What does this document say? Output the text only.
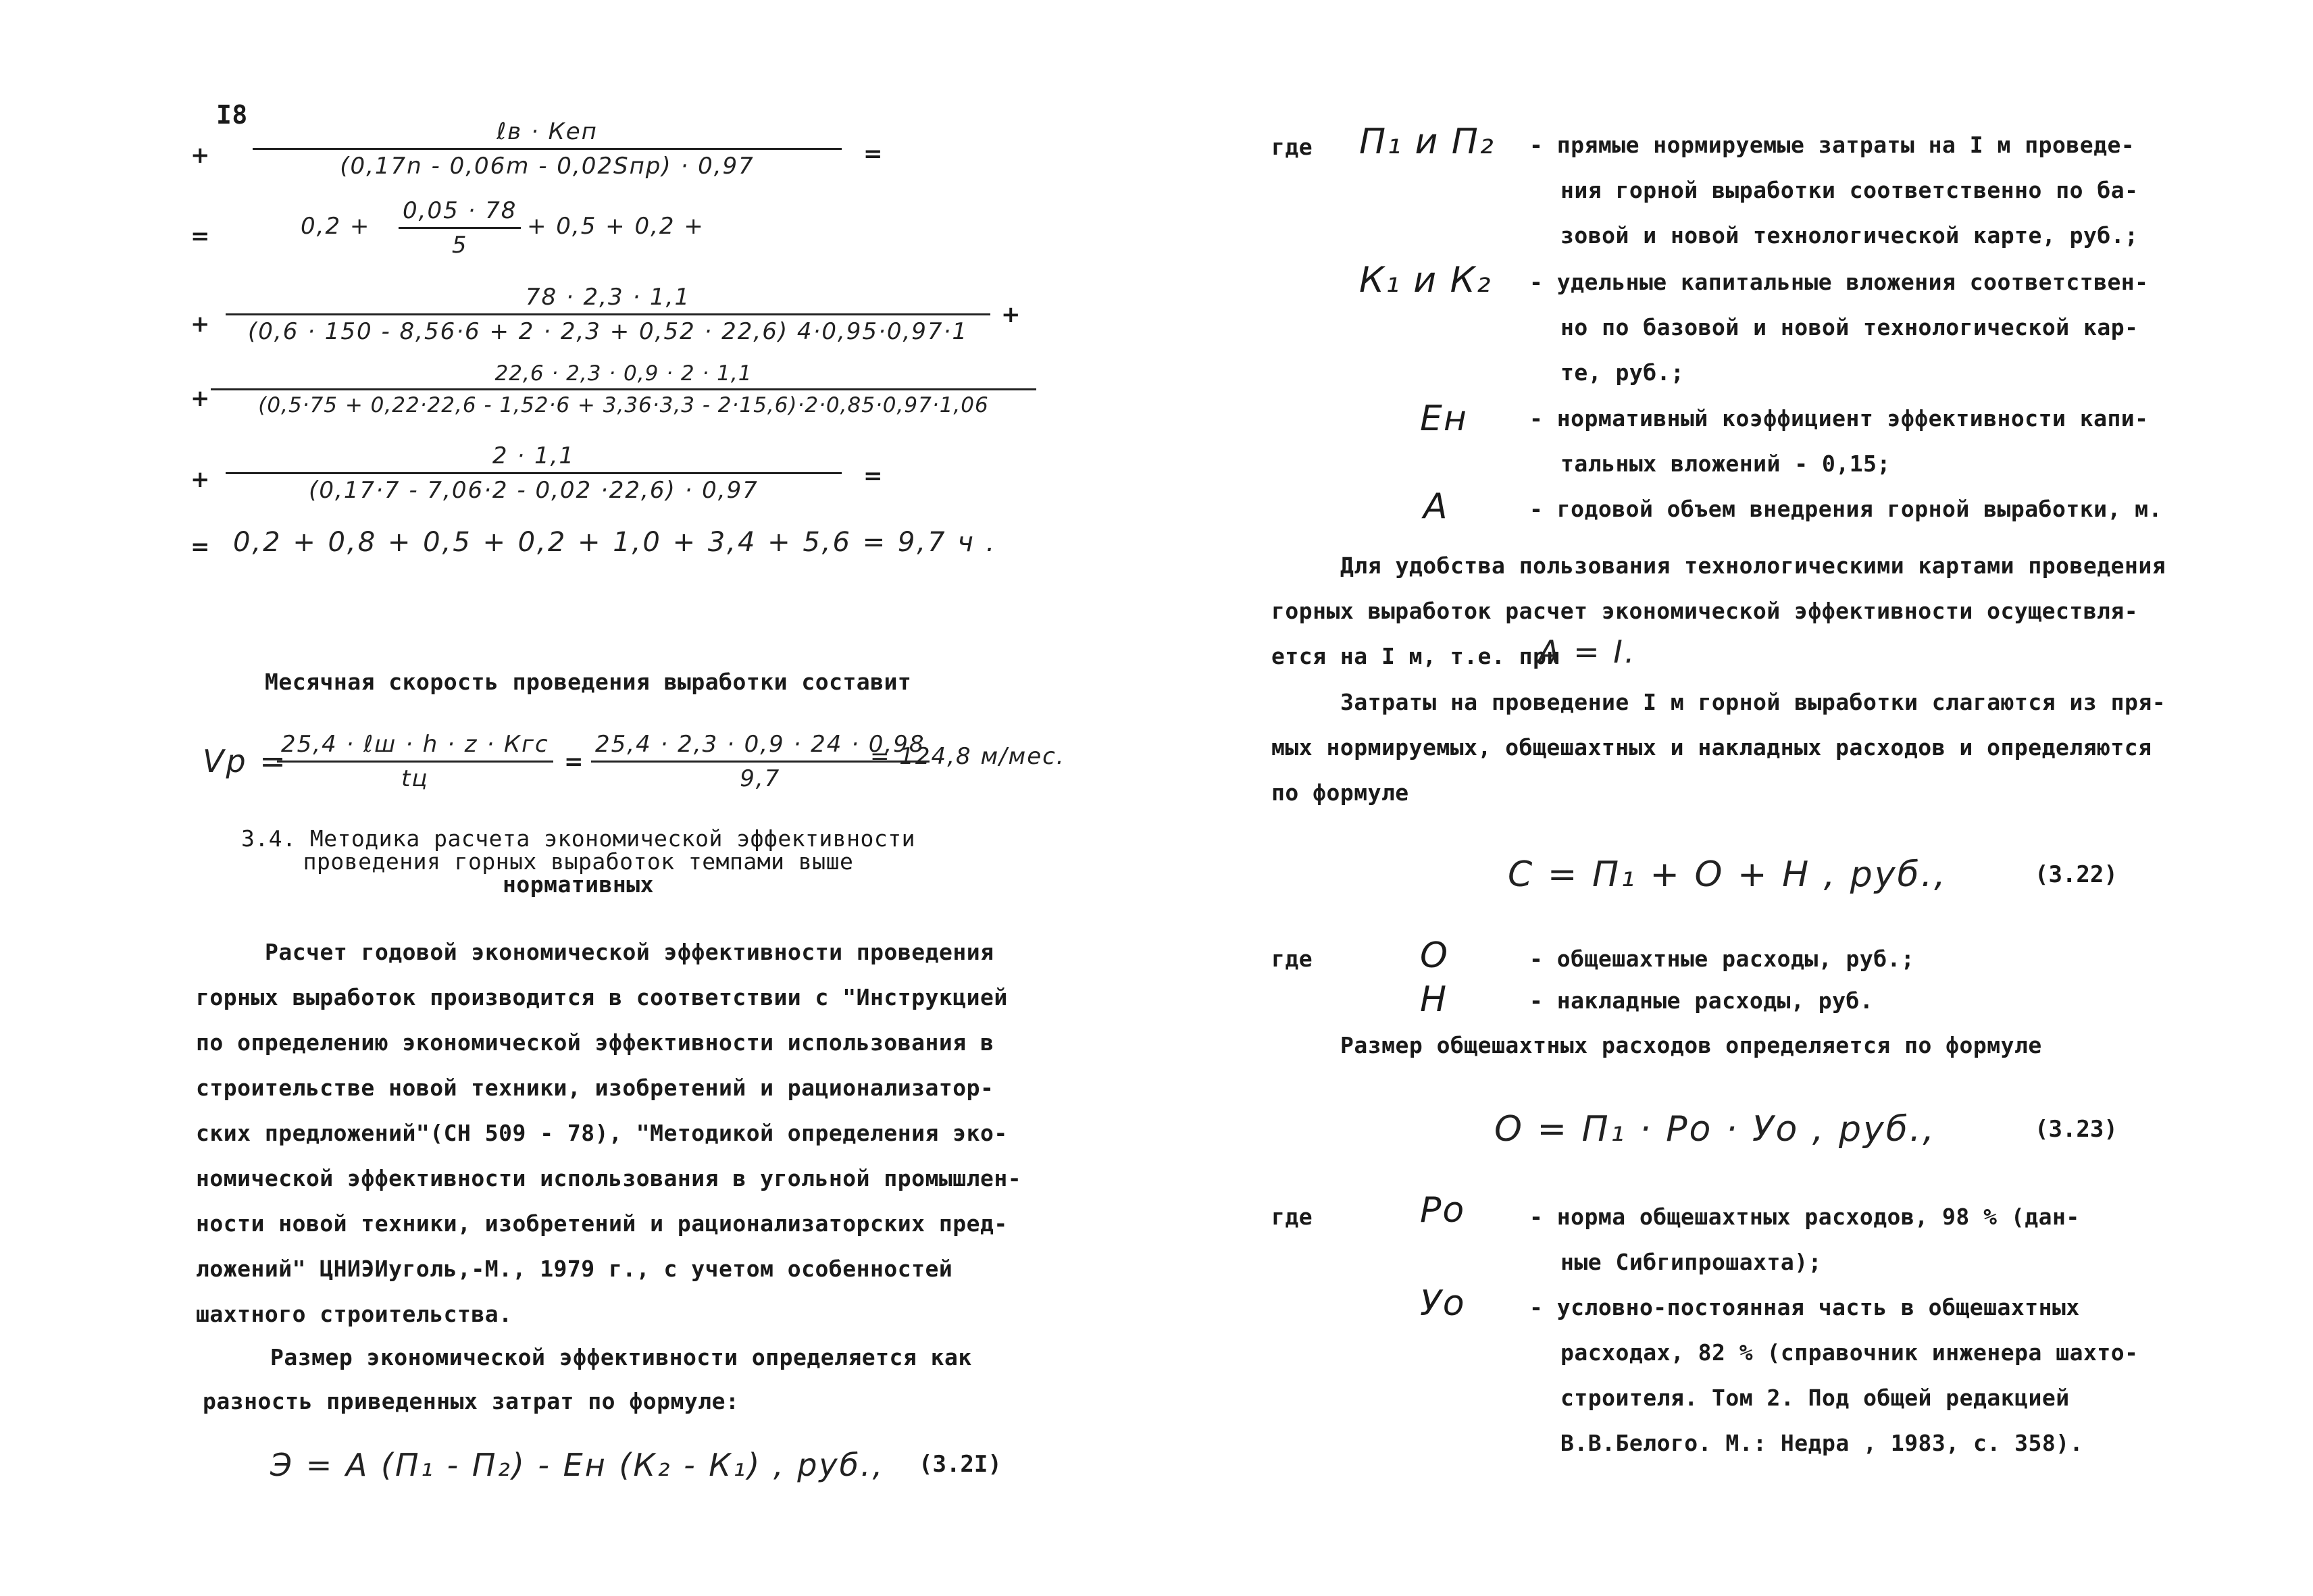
I8
+
ℓв · Кеп
(0,17n - 0,06m - 0,02Sпр) · 0,97	=
=	$0,2 + \frac{0,05 \cdot 78}{5} + 0,5 + 0,2$ +
+ $\frac{78 \cdot 2,3 \cdot 1,1}{(0,6 \cdot 150 - 8,56\cdot 6 + 2 \cdot 2,3 + 0,52 \cdot 22,6) 4\cdot 0,95\cdot 0,97\cdot 1}$ +
+
22,6 · 2,3 · 0,9 · 2 · 1,1
(0,5·75 + 0,22·22,6 - 1,52·6 + 3,36·3,3 - 2·15,6)·2·0,85·0,97·1,06
+ $\frac{2 \cdot 1,1}{(0,17\cdot 7 - 7,06\cdot 2 - 0,02 \cdot 22,6) \cdot 0,97}$ =
= 0,2 + 0,8 + 0,5 + 0,2 + 1,0 + 3,4 + 5,6 = 9,7 ч .
Месячная скорость проведения выработки составит
Vр =
25,4 · ℓш · ℎ · z · Кгс
tц
= $\frac{25,4 \cdot 2,3 \cdot 0,9 \cdot 24 \cdot 0,98}{9,7}$
= 124,8 м/мес.
3.4. Методика расчета экономической эффективности
проведения горных выработок темпами выше
нормативных
Расчет годовой экономической эффективности проведения
горных выработок производится в соответствии с "Инструкцией
по определению экономической эффективности использования в
строительстве новой техники, изобретений и рационализатор-
ских предложений"(СН 509 - 78), "Методикой определения эко-
номической эффективности использования в угольной промышлен-
ности новой техники, изобретений и рационализаторских пред-
ложений" ЦНИЭИуголь,-М., 1979 г., с учетом особенностей
шахтного строительства.
Размер экономической эффективности определяется как
разность приведенных затрат по формуле:
Э = А (П₁ - П₂) - Ен (К₂ - К₁) , руб., (3.2I)
где П₁ и П₂ - прямые нормируемые затраты на I м проведе-
ния горной выработки соответственно по ба-
зовой и новой технологической карте, руб.;
К₁ и К₂ - удельные капитальные вложения соответствен-
но по базовой и новой технологической кар-
те, руб.;
Ен	- нормативный коэффициент эффективности капи-
тальных вложений - 0,15;
А	- годовой объем внедрения горной выработки, м.
Для удобства пользования технологическими картами проведения
горных выработок расчет экономической эффективности осуществля-
ется на I м, т.е. при
А = I.
Затраты на проведение I м горной выработки слагаются из пря-
мых нормируемых, общешахтных и накладных расходов и определяются
по формуле
С = П₁ + О + Н , руб.,	(3.22)
где	О	- общешахтные расходы, руб.;
Н	- накладные расходы, руб.
Размер общешахтных расходов определяется по формуле
О = П₁ · Ро · Уо , руб.,	(3.23)
где	Ро	- норма общешахтных расходов, 98 % (дан-
ные Сибгипрошахта);
Уо	- условно-постоянная часть в общешахтных
расходах, 82 % (справочник инженера шахто-
строителя. Том 2. Под общей редакцией
В.В.Белого. М.: Недра , 1983, с. 358).
